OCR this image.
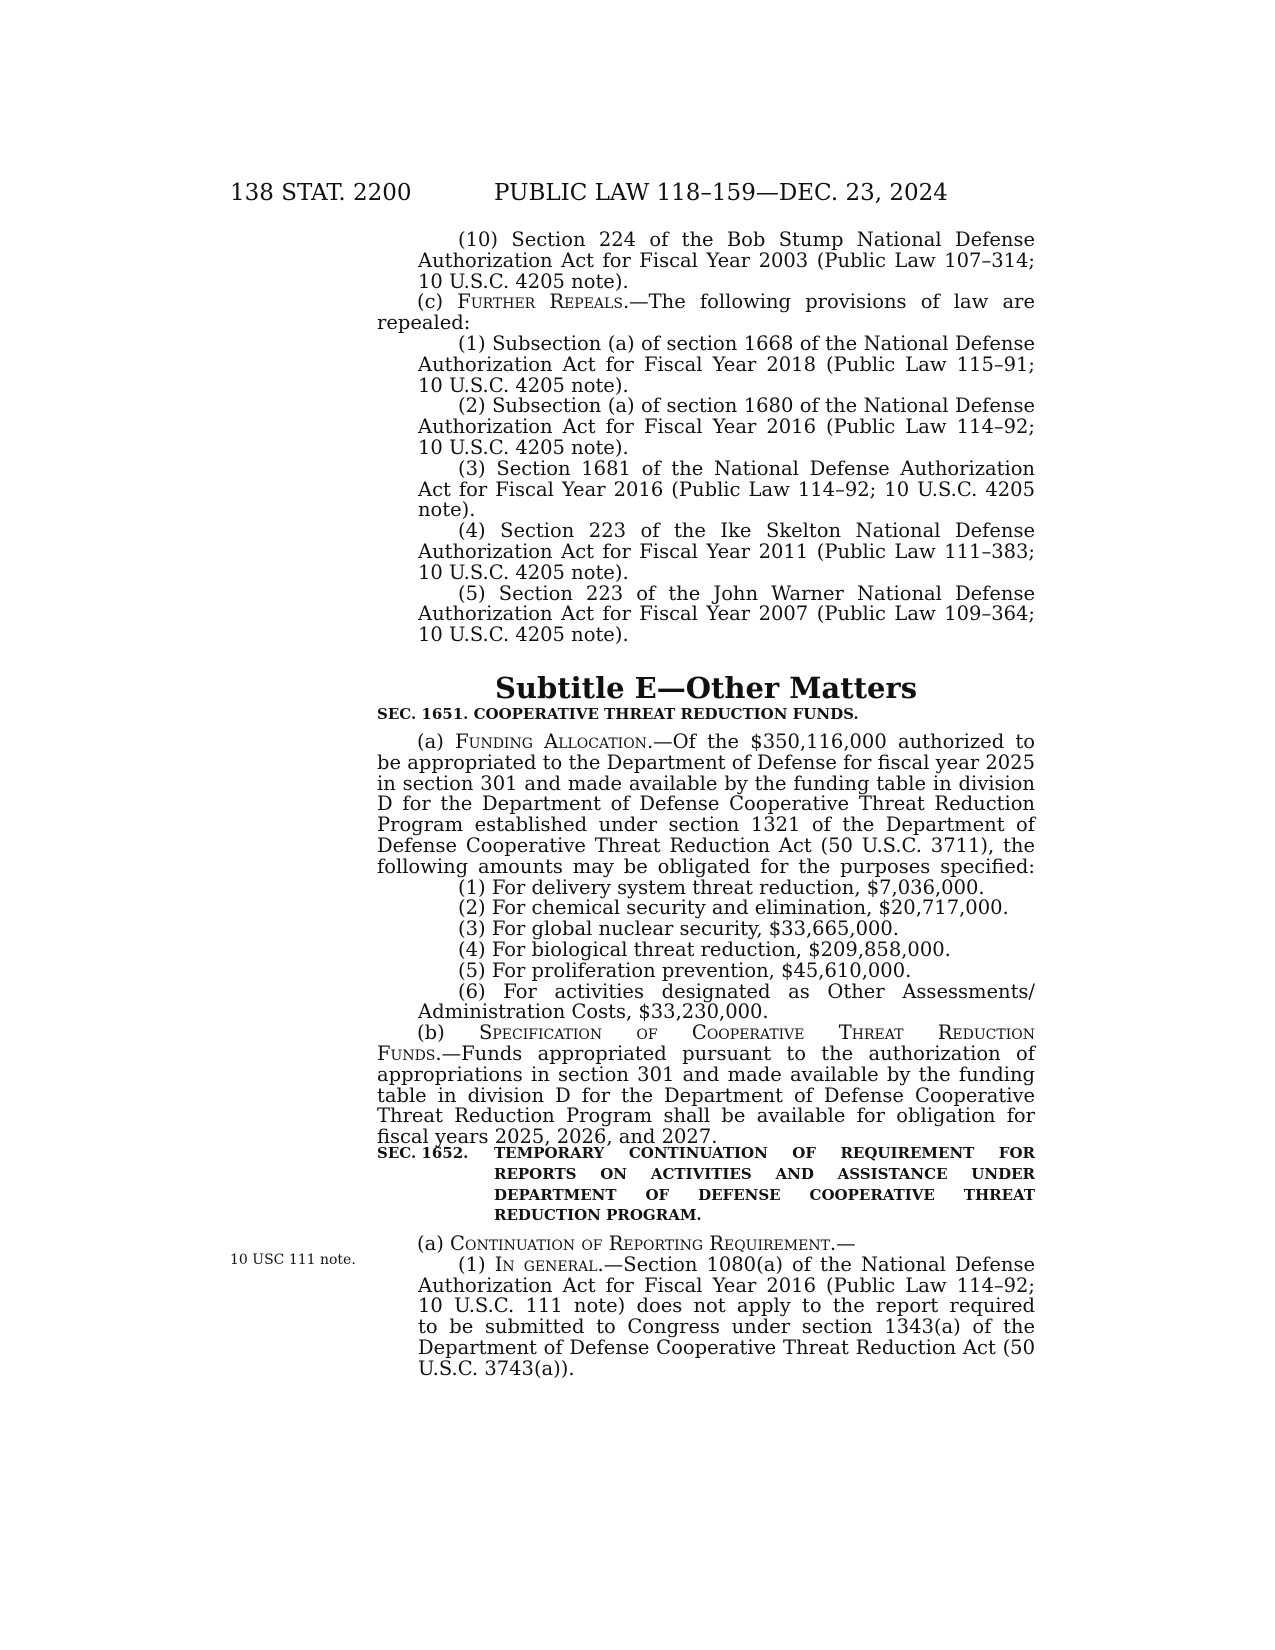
138 STAT. 2200	PUBLIC LAW 118–159—DEC. 23, 2024
(10) Section 224 of the Bob Stump National Defense
Authorization Act for Fiscal Year 2003 (Public Law 107–314;
10 U.S.C. 4205 note).
(c) Further Repeals.—The following provisions of law are
repealed:
(1) Subsection (a) of section 1668 of the National Defense
Authorization Act for Fiscal Year 2018 (Public Law 115–91;
10 U.S.C. 4205 note).
(2) Subsection (a) of section 1680 of the National Defense
Authorization Act for Fiscal Year 2016 (Public Law 114–92;
10 U.S.C. 4205 note).
(3) Section 1681 of the National Defense Authorization
Act for Fiscal Year 2016 (Public Law 114–92; 10 U.S.C. 4205
note).
(4) Section 223 of the Ike Skelton National Defense
Authorization Act for Fiscal Year 2011 (Public Law 111–383;
10 U.S.C. 4205 note).
(5) Section 223 of the John Warner National Defense
Authorization Act for Fiscal Year 2007 (Public Law 109–364;
10 U.S.C. 4205 note).
Subtitle E—Other Matters
SEC. 1651. COOPERATIVE THREAT REDUCTION FUNDS.
(a) Funding Allocation.—Of the $350,116,000 authorized to
be appropriated to the Department of Defense for fiscal year 2025
in section 301 and made available by the funding table in division
D for the Department of Defense Cooperative Threat Reduction
Program established under section 1321 of the Department of
Defense Cooperative Threat Reduction Act (50 U.S.C. 3711), the
following amounts may be obligated for the purposes specified:
(1) For delivery system threat reduction, $7,036,000.
(2) For chemical security and elimination, $20,717,000.
(3) For global nuclear security, $33,665,000.
(4) For biological threat reduction, $209,858,000.
(5) For proliferation prevention, $45,610,000.
(6) For activities designated as Other Assessments/
Administration Costs, $33,230,000.
(b) Specification of Cooperative Threat Reduction
Funds.—Funds appropriated pursuant to the authorization of
appropriations in section 301 and made available by the funding
table in division D for the Department of Defense Cooperative
Threat Reduction Program shall be available for obligation for
fiscal years 2025, 2026, and 2027.
SEC. 1652. TEMPORARY CONTINUATION OF REQUIREMENT FOR
REPORTS ON ACTIVITIES AND ASSISTANCE UNDER
DEPARTMENT OF DEFENSE COOPERATIVE THREAT
REDUCTION PROGRAM.
10 USC 111 note.
(a) Continuation of Reporting Requirement.—
(1) In general.—Section 1080(a) of the National Defense
Authorization Act for Fiscal Year 2016 (Public Law 114–92;
10 U.S.C. 111 note) does not apply to the report required
to be submitted to Congress under section 1343(a) of the
Department of Defense Cooperative Threat Reduction Act (50
U.S.C. 3743(a)).
